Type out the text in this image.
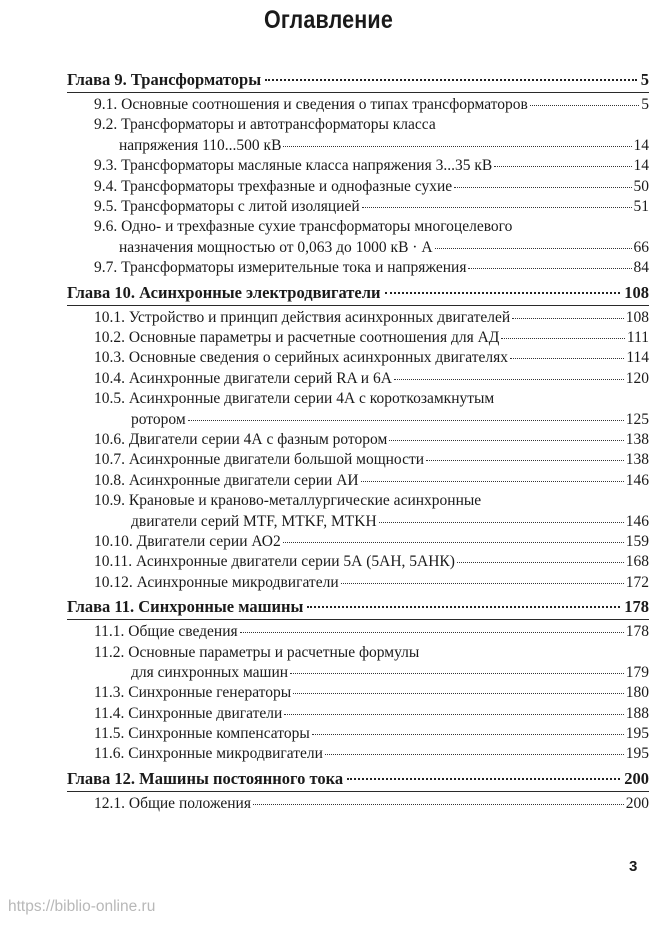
Оглавление
Глава 9. Трансформаторы	5
9.1. Основные соотношения и сведения о типах трансформаторов	5
9.2. Трансформаторы и автотрансформаторы класса
напряжения 110...500 кВ	14
9.3. Трансформаторы масляные класса напряжения 3...35 кВ	14
9.4. Трансформаторы трехфазные и однофазные сухие	50
9.5. Трансформаторы с литой изоляцией	51
9.6. Одно- и трехфазные сухие трансформаторы многоцелевого
назначения мощностью от 0,063 до 1000 кВ · А	66
9.7. Трансформаторы измерительные тока и напряжения	84
Глава 10. Асинхронные электродвигатели	108
10.1. Устройство и принцип действия асинхронных двигателей	108
10.2. Основные параметры и расчетные соотношения для АД	111
10.3. Основные сведения о серийных асинхронных двигателях	114
10.4. Асинхронные двигатели серий RA и 6A	120
10.5. Асинхронные двигатели серии 4А с короткозамкнутым
ротором	125
10.6. Двигатели серии 4А с фазным ротором	138
10.7. Асинхронные двигатели большой мощности	138
10.8. Асинхронные двигатели серии АИ	146
10.9. Крановые и краново-металлургические асинхронные
двигатели серий MTF, MTKF, MTKH	146
10.10. Двигатели серии АО2	159
10.11. Асинхронные двигатели серии 5А (5АН, 5АНК)	168
10.12. Асинхронные микродвигатели	172
Глава 11. Синхронные машины	178
11.1. Общие сведения	178
11.2. Основные параметры и расчетные формулы
для синхронных машин	179
11.3. Синхронные генераторы	180
11.4. Синхронные двигатели	188
11.5. Синхронные компенсаторы	195
11.6. Синхронные микродвигатели	195
Глава 12. Машины постоянного тока	200
12.1. Общие положения	200
3
https://biblio-online.ru
